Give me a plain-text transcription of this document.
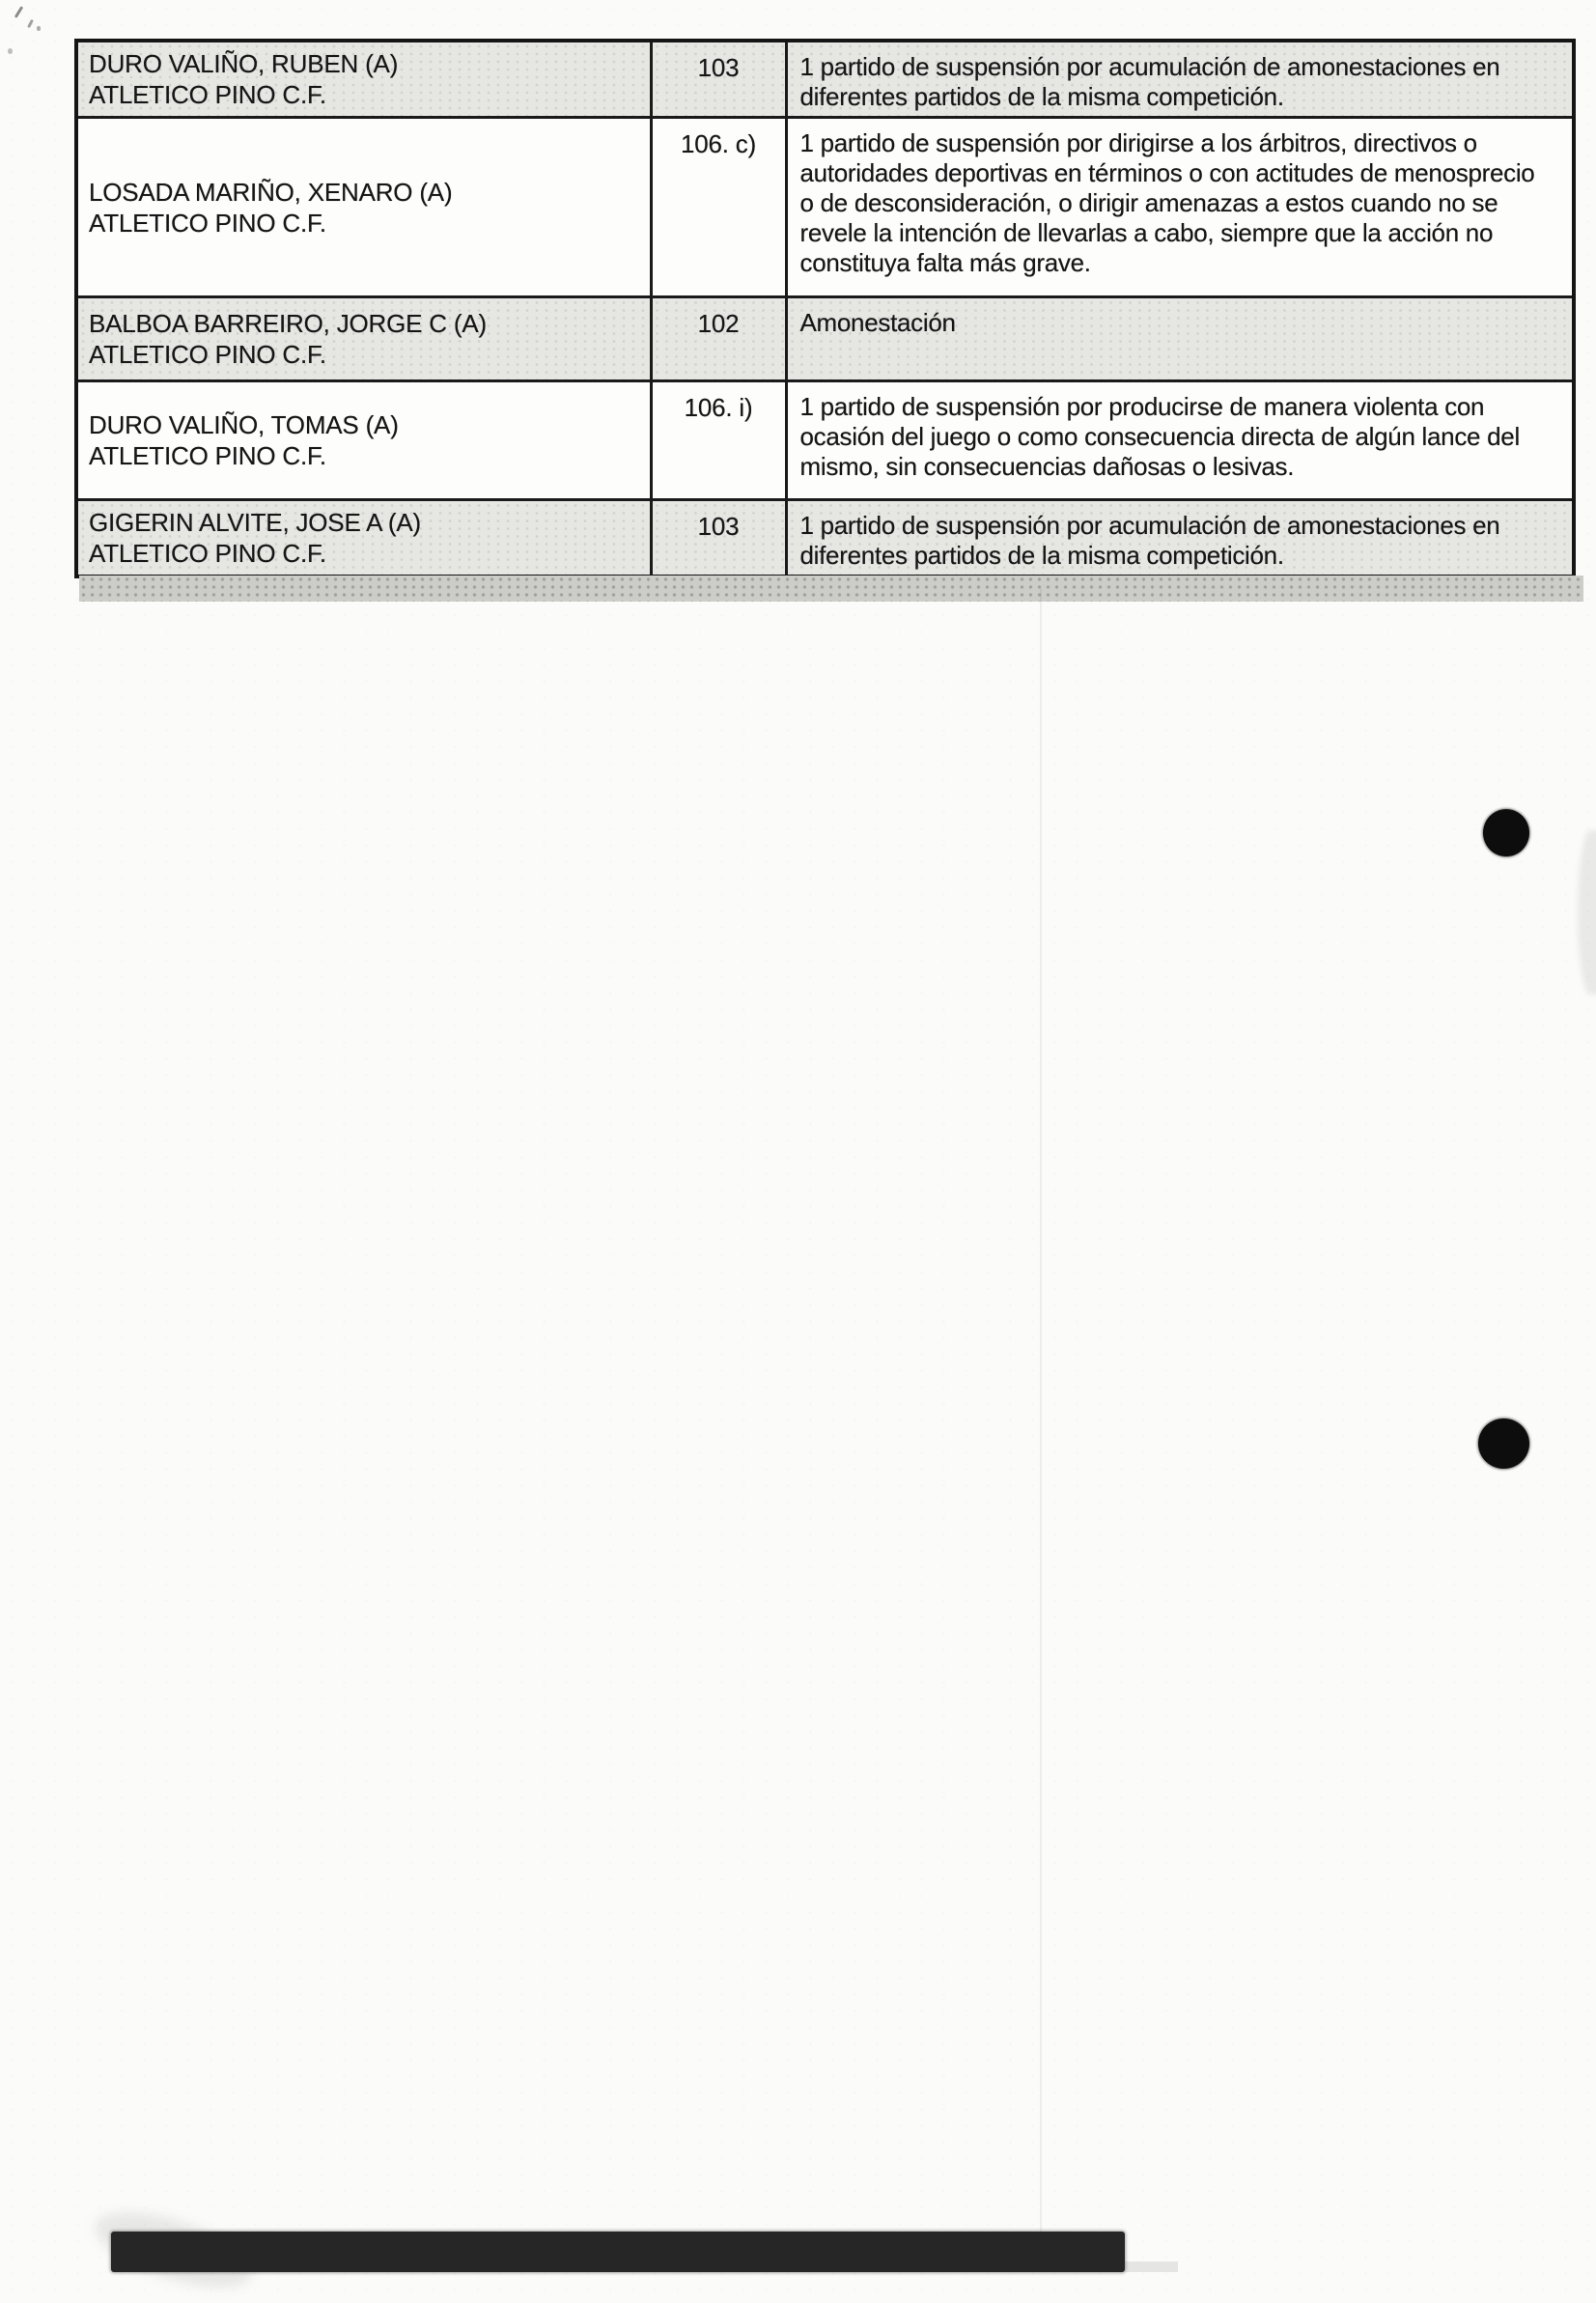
DURO VALIÑO, RUBEN (A)
ATLETICO PINO C.F.	103	1 partido de suspensión por acumulación de amonestaciones en diferentes partidos de la misma competición.

LOSADA MARIÑO, XENARO (A)
ATLETICO PINO C.F.	106. c)	1 partido de suspensión por dirigirse a los árbitros, directivos o autoridades deportivas en términos o con actitudes de menosprecio o de desconsideración, o dirigir amenazas a estos cuando no se revele la intención de llevarlas a cabo, siempre que la acción no constituya falta más grave.

BALBOA BARREIRO, JORGE C (A)
ATLETICO PINO C.F.	102	Amonestación

DURO VALIÑO, TOMAS (A)
ATLETICO PINO C.F.	106. i)	1 partido de suspensión por producirse de manera violenta con ocasión del juego o como consecuencia directa de algún lance del mismo, sin consecuencias dañosas o lesivas.

GIGERIN ALVITE, JOSE A (A)
ATLETICO PINO C.F.	103	1 partido de suspensión por acumulación de amonestaciones en diferentes partidos de la misma competición.
